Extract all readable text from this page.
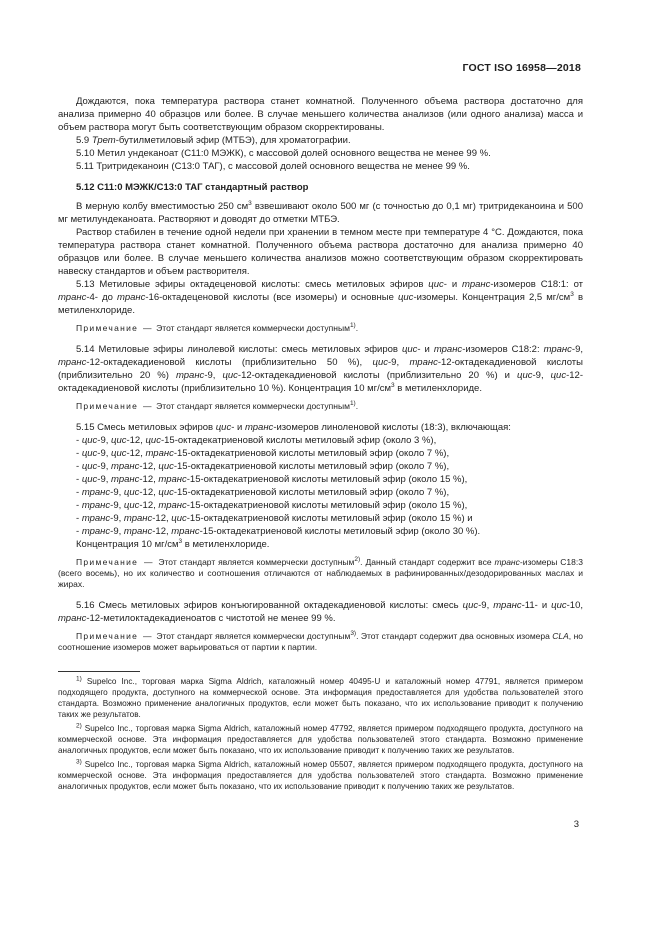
ГОСТ ISO 16958—2018

Дождаются, пока температура раствора станет комнатной. Полученного объема раствора достаточно для анализа примерно 40 образцов или более. В случае меньшего количества анализов (или одного анализа) масса и объем раствора могут быть соответствующим образом скорректированы.

5.9 Трет-бутилметиловый эфир (МТБЭ), для хроматографии.

5.10 Метил ундеканоат (С11:0 МЭЖК), с массовой долей основного вещества не менее 99 %.

5.11 Тритридеканоин (С13:0 ТАГ), с массовой долей основного вещества не менее 99 %.

5.12 С11:0 МЭЖК/С13:0 ТАГ стандартный раствор

В мерную колбу вместимостью 250 $см^3$ взвешивают около 500 мг (с точностью до 0,1 мг) тритридеканоина и 500 мг метилундеканоата. Растворяют и доводят до отметки МТБЭ.

Раствор стабилен в течение одной недели при хранении в темном месте при температуре 4 °С. Дождаются, пока температура раствора станет комнатной. Полученного объема раствора достаточно для анализа примерно 40 образцов или более. В случае меньшего количества анализов можно соответствующим образом скорректировать навеску стандартов и объем растворителя.

5.13 Метиловые эфиры октадеценовой кислоты: смесь метиловых эфиров цис- и транс-изомеров С18:1: от транс-4- до транс-16-октадеценовой кислоты (все изомеры) и основные цис-изомеры. Концентрация 2,5 $мг/см^3$ в метиленхлориде.

Примечание — Этот стандарт является коммерчески доступным$^{1)}$.

5.14 Метиловые эфиры линолевой кислоты: смесь метиловых эфиров цис- и транс-изомеров С18:2: транс-9, транс-12-октадекадиеновой кислоты (приблизительно 50 %), цис-9, транс-12-октадекадиеновой кислоты (приблизительно 20 %) транс-9, цис-12-октадекадиеновой кислоты (приблизительно 20 %) и цис-9, цис-12-октадекадиеновой кислоты (приблизительно 10 %). Концентрация 10 $мг/см^3$ в метиленхлориде.

Примечание — Этот стандарт является коммерчески доступным$^{1)}$.

5.15 Смесь метиловых эфиров цис- и транс-изомеров линоленовой кислоты (18:3), включающая:

- цис-9, цис-12, цис-15-октадекатриеновой кислоты метиловый эфир (около 3 %),

- цис-9, цис-12, транс-15-октадекатриеновой кислоты метиловый эфир (около 7 %),

- цис-9, транс-12, цис-15-октадекатриеновой кислоты метиловый эфир (около 7 %),

- цис-9, транс-12, транс-15-октадекатриеновой кислоты метиловый эфир (около 15 %),

- транс-9, цис-12, цис-15-октадекатриеновой кислоты метиловый эфир (около 7 %),

- транс-9, цис-12, транс-15-октадекатриеновой кислоты метиловый эфир (около 15 %),

- транс-9, транс-12, цис-15-октадекатриеновой кислоты метиловый эфир (около 15 %) и

- транс-9, транс-12, транс-15-октадекатриеновой кислоты метиловый эфир (около 30 %).

Концентрация 10 $мг/см^3$ в метиленхлориде.

Примечание — Этот стандарт является коммерчески доступным$^{2)}$. Данный стандарт содержит все транс-изомеры С18:3 (всего восемь), но их количество и соотношения отличаются от наблюдаемых в рафинированных/дезодорированных маслах и жирах.

5.16 Смесь метиловых эфиров конъюгированной октадекадиеновой кислоты: смесь цис-9, транс-11- и цис-10, транс-12-метилоктадекадиеноатов с чистотой не менее 99 %.

Примечание — Этот стандарт является коммерчески доступным$^{3)}$. Этот стандарт содержит два основных изомера CLA, но соотношение изомеров может варьироваться от партии к партии.

$^{1)}$ Supelco Inc., торговая марка Sigma Aldrich, каталожный номер 40495-U и каталожный номер 47791, является примером подходящего продукта, доступного на коммерческой основе. Эта информация предоставляется для удобства пользователей этого стандарта. Возможно применение аналогичных продуктов, если может быть показано, что их использование приводит к получению таких же результатов.

$^{2)}$ Supelco Inc., торговая марка Sigma Aldrich, каталожный номер 47792, является примером подходящего продукта, доступного на коммерческой основе. Эта информация предоставляется для удобства пользователей этого стандарта. Возможно применение аналогичных продуктов, если может быть показано, что их использование приводит к получению таких же результатов.

$^{3)}$ Supelco Inc., торговая марка Sigma Aldrich, каталожный номер 05507, является примером подходящего продукта, доступного на коммерческой основе. Эта информация предоставляется для удобства пользователей этого стандарта. Возможно применение аналогичных продуктов, если может быть показано, что их использование приводит к получению таких же результатов.

3
